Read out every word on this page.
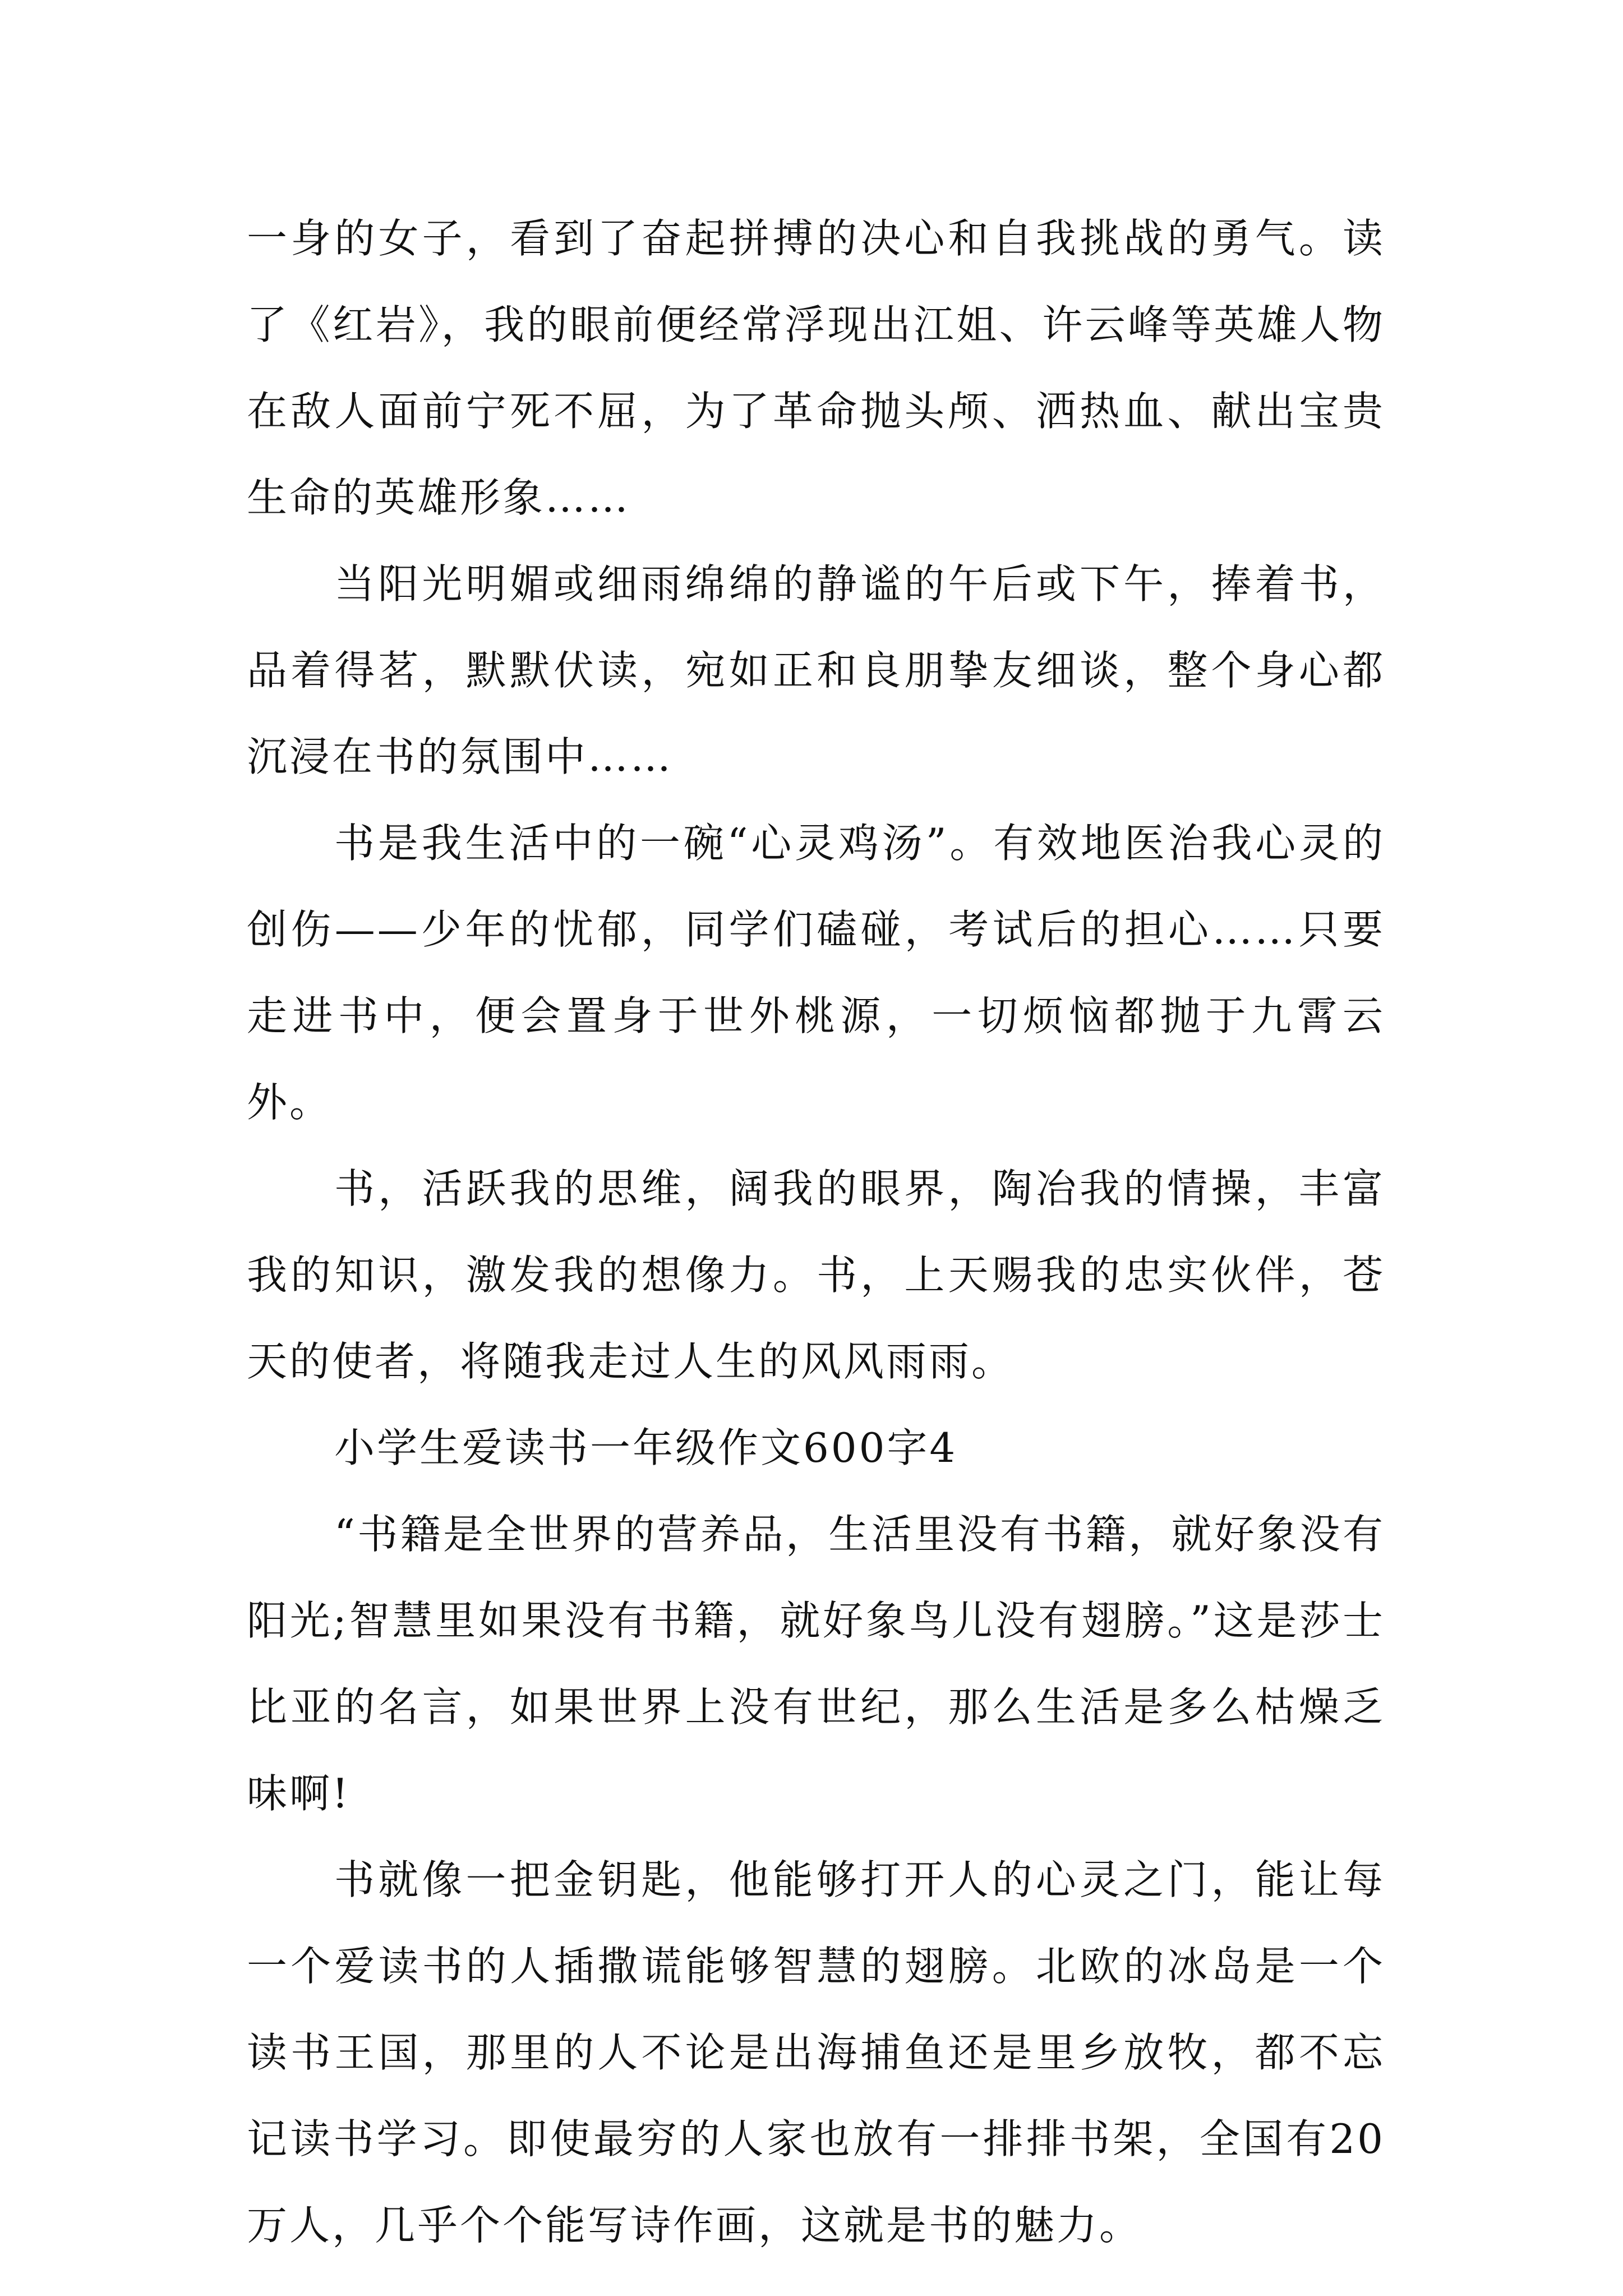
一身的女子，看到了奋起拼搏的决心和自我挑战的勇气。读了《红岩》，我的眼前便经常浮现出江姐、许云峰等英雄人物在敌人面前宁死不屈，为了革命抛头颅、洒热血、献出宝贵生命的英雄形象……

当阳光明媚或细雨绵绵的静谧的午后或下午，捧着书，品着得茗，默默伏读，宛如正和良朋挚友细谈，整个身心都沉浸在书的氛围中……

书是我生活中的一碗“心灵鸡汤”。有效地医治我心灵的创伤——少年的忧郁，同学们磕碰，考试后的担心……只要走进书中，便会置身于世外桃源，一切烦恼都抛于九霄云外。

书，活跃我的思维，阔我的眼界，陶冶我的情操，丰富我的知识，激发我的想像力。书，上天赐我的忠实伙伴，苍天的使者，将随我走过人生的风风雨雨。

小学生爱读书一年级作文600字4

“书籍是全世界的营养品，生活里没有书籍，就好象没有阳光;智慧里如果没有书籍，就好象鸟儿没有翅膀。”这是莎士比亚的名言，如果世界上没有世纪，那么生活是多么枯燥乏味啊!

书就像一把金钥匙，他能够打开人的心灵之门，能让每一个爱读书的人插撒谎能够智慧的翅膀。北欧的冰岛是一个读书王国，那里的人不论是出海捕鱼还是里乡放牧，都不忘记读书学习。即使最穷的人家也放有一排排书架，全国有20万人，几乎个个能写诗作画，这就是书的魅力。
